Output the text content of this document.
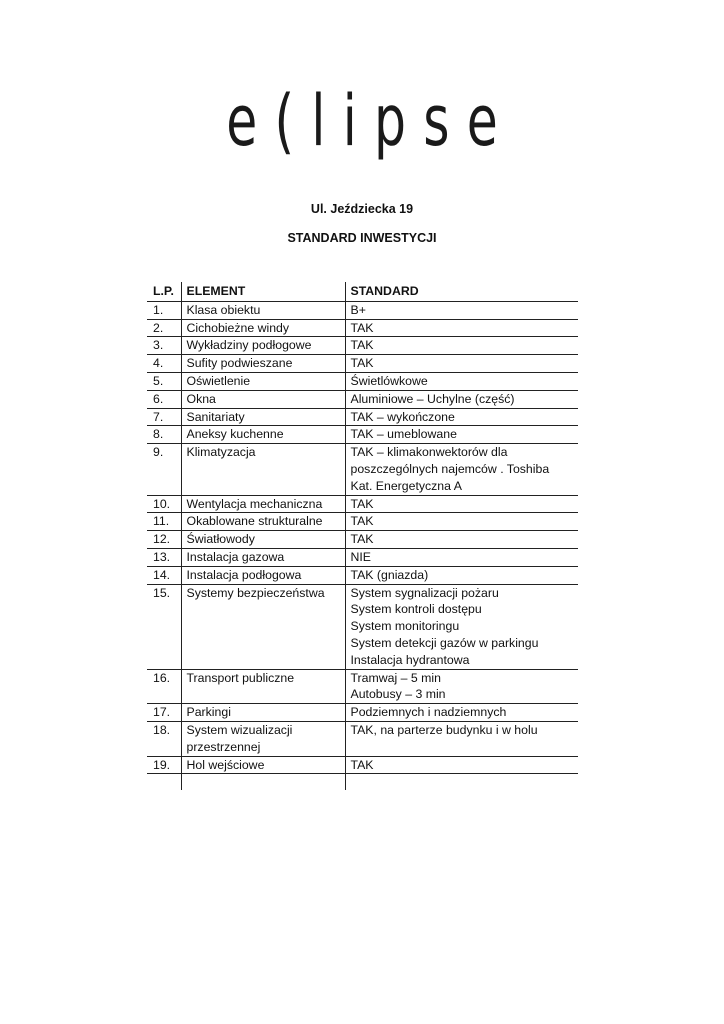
e(lipse
Ul. Jeździecka 19
STANDARD INWESTYCJI
L.P.	ELEMENT	STANDARD
1.	Klasa obiektu	B+

2.	Cichobieżne windy	TAK

3.	Wykładziny podłogowe	TAK

4.	Sufity podwieszane	TAK

5.	Oświetlenie	Świetlówkowe

6.	Okna	Aluminiowe – Uchylne (część)

7.	Sanitariaty	TAK – wykończone

8.	Aneksy kuchenne	TAK – umeblowane

9.	Klimatyzacja	TAK – klimakonwektorów dla
poszczególnych najemców . Toshiba
Kat. Energetyczna A

10.	Wentylacja mechaniczna	TAK

11.	Okablowane strukturalne	TAK

12.	Światłowody	TAK

13.	Instalacja gazowa	NIE

14.	Instalacja podłogowa	TAK (gniazda)

15.	Systemy bezpieczeństwa	System sygnalizacji pożaru
System kontroli dostępu
System monitoringu
System detekcji gazów w parkingu
Instalacja hydrantowa

16.	Transport publiczne	Tramwaj – 5 min
Autobusy – 3 min

17.	Parkingi	Podziemnych i nadziemnych

18.	System wizualizacji przestrzennej	TAK, na parterze budynku i w holu

19.	Hol wejściowe	TAK
